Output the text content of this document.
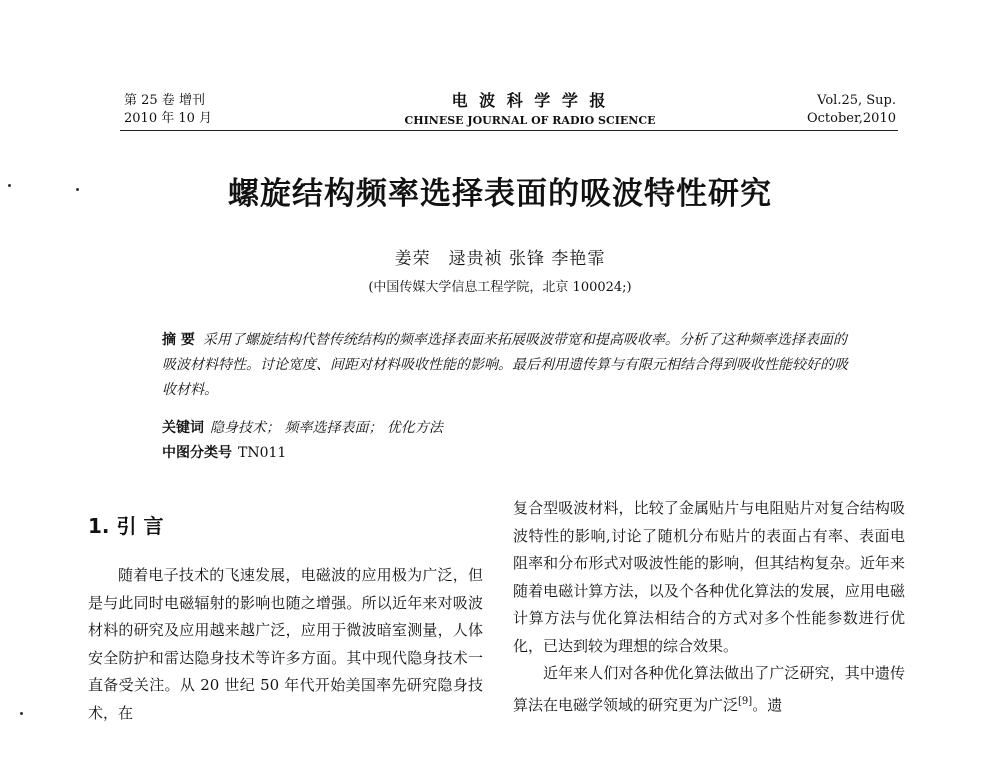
第 25 卷 增刊
2010 年 10 月
电 波 科 学 学 报
CHINESE JOURNAL OF RADIO SCIENCE
Vol.25, Sup.
October,2010
螺旋结构频率选择表面的吸波特性研究
姜荣　逯贵祯 张锋 李艳霏
(中国传媒大学信息工程学院，北京 100024;)
摘 要 采用了螺旋结构代替传统结构的频率选择表面来拓展吸波带宽和提高吸收率。分析了这种频率选择表面的吸波材料特性。讨论宽度、间距对材料吸收性能的影响。最后利用遗传算与有限元相结合得到吸收性能较好的吸收材料。
关键词 隐身技术； 频率选择表面； 优化方法
中图分类号 TN011
1. 引 言
随着电子技术的飞速发展，电磁波的应用极为广泛，但是与此同时电磁辐射的影响也随之增强。所以近年来对吸波材料的研究及应用越来越广泛，应用于微波暗室测量，人体安全防护和雷达隐身技术等许多方面。其中现代隐身技术一直备受关注。从 20 世纪 50 年代开始美国率先研究隐身技术，在
复合型吸波材料，比较了金属贴片与电阻贴片对复合结构吸波特性的影响,讨论了随机分布贴片的表面占有率、表面电阻率和分布形式对吸波性能的影响，但其结构复杂。近年来随着电磁计算方法，以及个各种优化算法的发展，应用电磁计算方法与优化算法相结合的方式对多个性能参数进行优化，已达到较为理想的综合效果。
近年来人们对各种优化算法做出了广泛研究，其中遗传算法在电磁学领域的研究更为广泛[9]。遗
